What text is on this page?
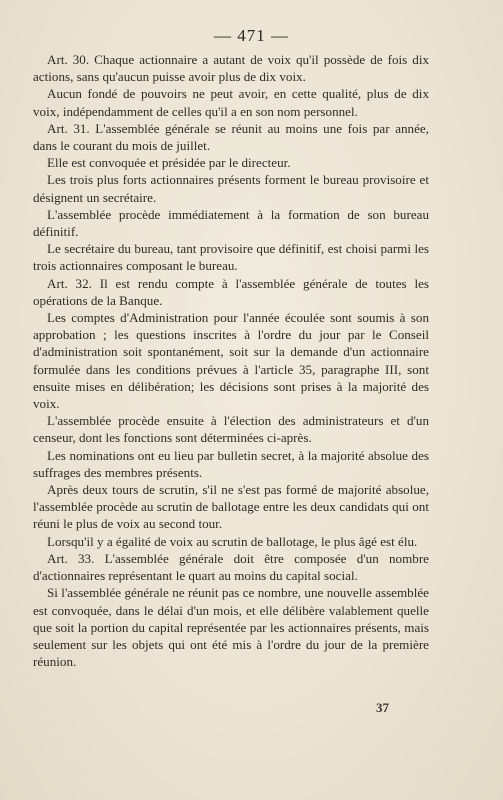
— 471 —

Art. 30. Chaque actionnaire a autant de voix qu'il possède de fois dix actions, sans qu'aucun puisse avoir plus de dix voix.

Aucun fondé de pouvoirs ne peut avoir, en cette qualité, plus de dix voix, indépendamment de celles qu'il a en son nom personnel.

Art. 31. L'assemblée générale se réunit au moins une fois par année, dans le courant du mois de juillet.

Elle est convoquée et présidée par le directeur.

Les trois plus forts actionnaires présents forment le bureau provisoire et désignent un secrétaire.

L'assemblée procède immédiatement à la formation de son bureau définitif.

Le secrétaire du bureau, tant provisoire que définitif, est choisi parmi les trois actionnaires composant le bureau.

Art. 32. Il est rendu compte à l'assemblée générale de toutes les opérations de la Banque.

Les comptes d'Administration pour l'année écoulée sont soumis à son approbation ; les questions inscrites à l'ordre du jour par le Conseil d'administration soit spontanément, soit sur la demande d'un actionnaire formulée dans les conditions prévues à l'article 35, paragraphe III, sont ensuite mises en délibération; les décisions sont prises à la majorité des voix.

L'assemblée procède ensuite à l'élection des administrateurs et d'un censeur, dont les fonctions sont déterminées ci-après.

Les nominations ont eu lieu par bulletin secret, à la majorité absolue des suffrages des membres présents.

Après deux tours de scrutin, s'il ne s'est pas formé de majorité absolue, l'assemblée procède au scrutin de ballotage entre les deux candidats qui ont réuni le plus de voix au second tour.

Lorsqu'il y a égalité de voix au scrutin de ballotage, le plus âgé est élu.

Art. 33. L'assemblée générale doit être composée d'un nombre d'actionnaires représentant le quart au moins du capital social.

Si l'assemblée générale ne réunit pas ce nombre, une nouvelle assemblée est convoquée, dans le délai d'un mois, et elle délibère valablement quelle que soit la portion du capital représentée par les actionnaires présents, mais seulement sur les objets qui ont été mis à l'ordre du jour de la première réunion.

37
